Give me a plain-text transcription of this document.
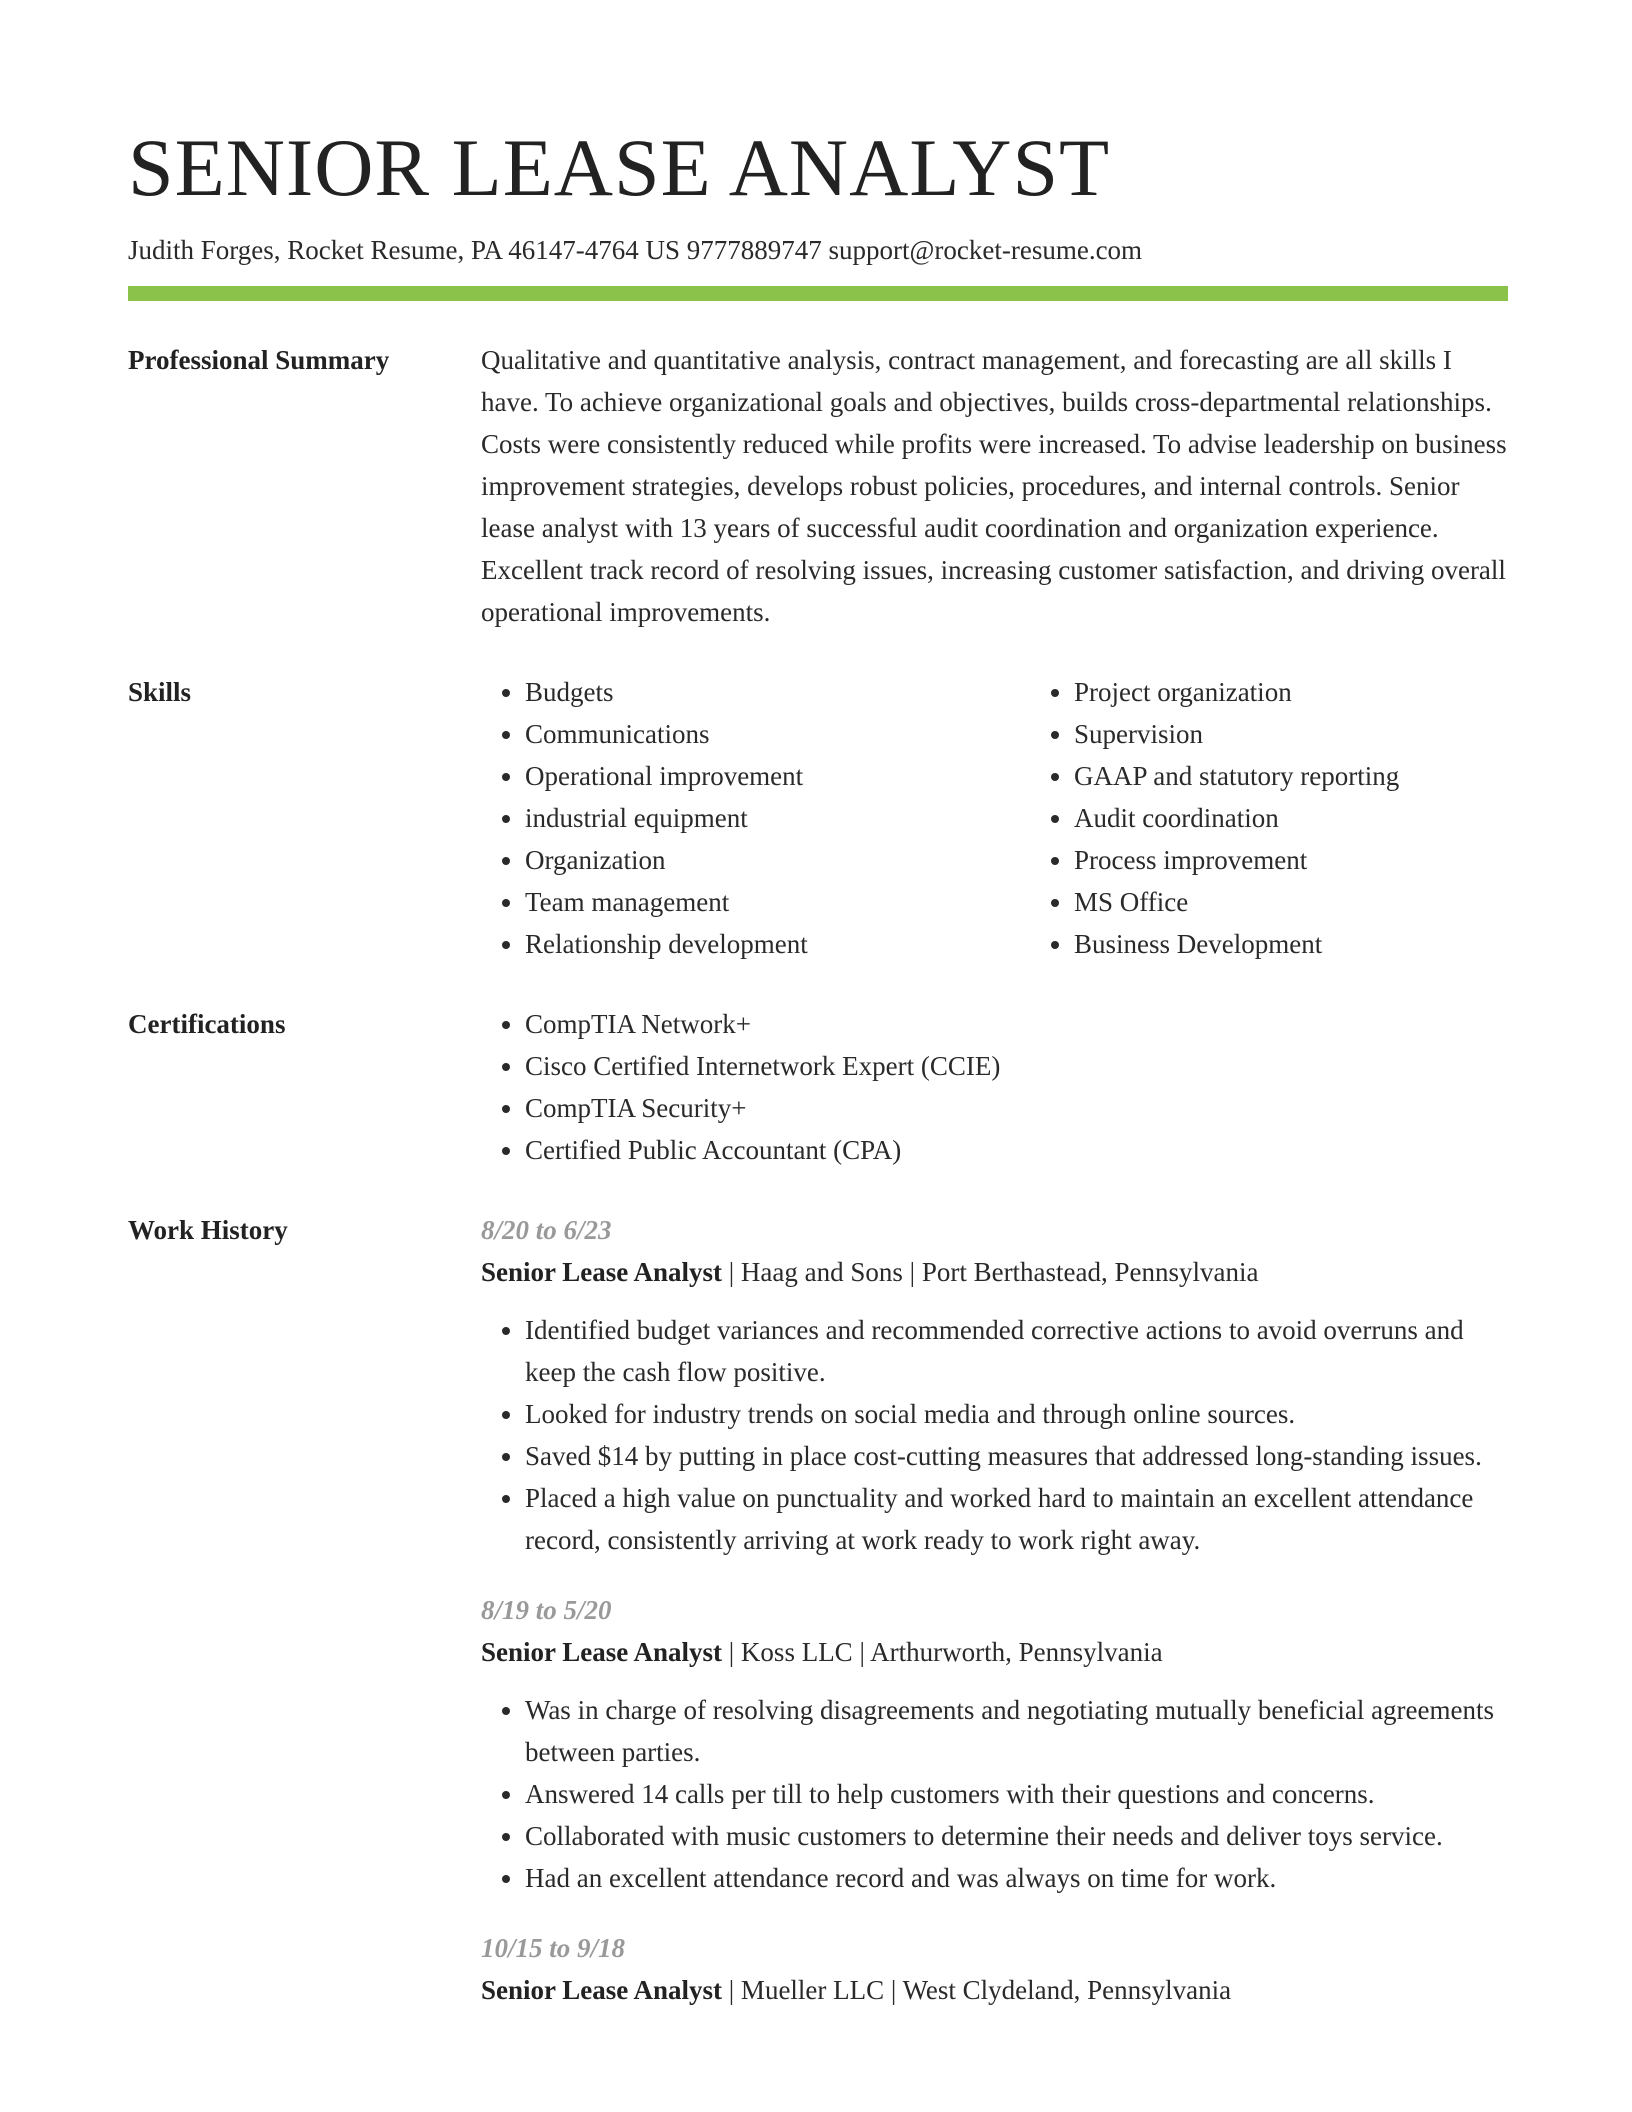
SENIOR LEASE ANALYST
Judith Forges, Rocket Resume, PA 46147-4764 US 9777889747 support@rocket-resume.com
Professional Summary	Qualitative and quantitative analysis, contract management, and forecasting are all skills I have. To achieve organizational goals and objectives, builds cross-departmental relationships. Costs were consistently reduced while profits were increased. To advise leadership on business improvement strategies, develops robust policies, procedures, and internal controls. Senior lease analyst with 13 years of successful audit coordination and organization experience. Excellent track record of resolving issues, increasing customer satisfaction, and driving overall operational improvements.

Skills	• Budgets
• Communications
• Operational improvement
• industrial equipment
• Organization
• Team management
• Relationship development
• Project organization
• Supervision
• GAAP and statutory reporting
• Audit coordination
• Process improvement
• MS Office
• Business Development
Certifications	• CompTIA Network+
• Cisco Certified Internetwork Expert (CCIE)
• CompTIA Security+
• Certified Public Accountant (CPA)
Work History	8/20 to 6/23
Senior Lease Analyst | Haag and Sons | Port Berthastead, Pennsylvania
• Identified budget variances and recommended corrective actions to avoid overruns and keep the cash flow positive.
• Looked for industry trends on social media and through online sources.
• Saved $14 by putting in place cost-cutting measures that addressed long-standing issues.
• Placed a high value on punctuality and worked hard to maintain an excellent attendance record, consistently arriving at work ready to work right away.
8/19 to 5/20
Senior Lease Analyst | Koss LLC | Arthurworth, Pennsylvania
• Was in charge of resolving disagreements and negotiating mutually beneficial agreements between parties.
• Answered 14 calls per till to help customers with their questions and concerns.
• Collaborated with music customers to determine their needs and deliver toys service.
• Had an excellent attendance record and was always on time for work.
10/15 to 9/18
Senior Lease Analyst | Mueller LLC | West Clydeland, Pennsylvania
